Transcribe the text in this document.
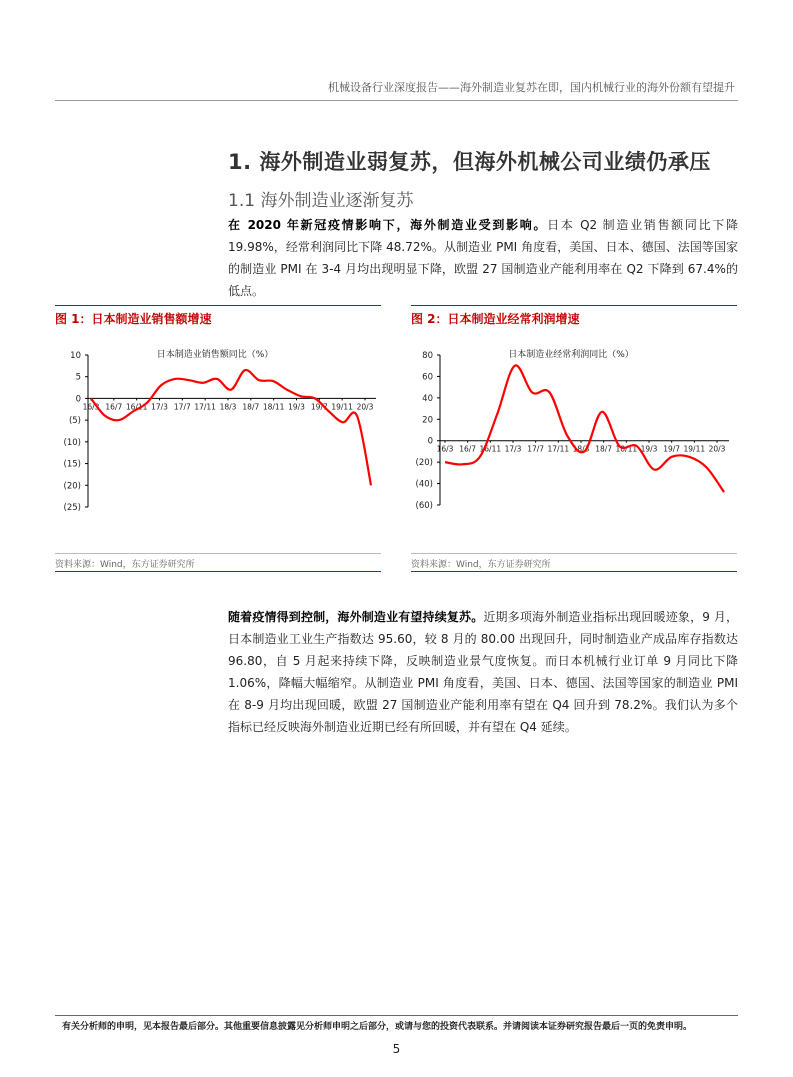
机械设备行业深度报告——海外制造业复苏在即，国内机械行业的海外份额有望提升
1. 海外制造业弱复苏，但海外机械公司业绩仍承压
1.1 海外制造业逐渐复苏
在 2020 年新冠疫情影响下，海外制造业受到影响。日本 Q2 制造业销售额同比下降 19.98%，经常利润同比下降 48.72%。从制造业 PMI 角度看，美国、日本、德国、法国等国家的制造业 PMI 在 3-4 月均出现明显下降，欧盟 27 国制造业产能利用率在 Q2 下降到 67.4%的低点。
图 1：日本制造业销售额增速
日本制造业销售额同比（%）
10
5
0
(5)
(10)
(15)
(20)
(25)
16/3 16/7 16/11 17/3 17/7 17/11 18/3 18/7 18/11 19/3 19/7 19/11 20/3
资料来源：Wind，东方证券研究所
图 2：日本制造业经常利润增速
日本制造业经常利润同比（%）
80
60
40
20
0
(20)
(40)
(60)
16/3 16/7 16/11 17/3 17/7 17/11 18/3 18/7 18/11 19/3 19/7 19/11 20/3
资料来源：Wind，东方证券研究所
随着疫情得到控制，海外制造业有望持续复苏。近期多项海外制造业指标出现回暖迹象，9 月，日本制造业工业生产指数达 95.60，较 8 月的 80.00 出现回升，同时制造业产成品库存指数达 96.80，自 5 月起来持续下降，反映制造业景气度恢复。而日本机械行业订单 9 月同比下降 1.06%，降幅大幅缩窄。从制造业 PMI 角度看，美国、日本、德国、法国等国家的制造业 PMI 在 8-9 月均出现回暖，欧盟 27 国制造业产能利用率有望在 Q4 回升到 78.2%。我们认为多个指标已经反映海外制造业近期已经有所回暖，并有望在 Q4 延续。
有关分析师的申明，见本报告最后部分。其他重要信息披露见分析师申明之后部分，或请与您的投资代表联系。并请阅读本证券研究报告最后一页的免责申明。
5
